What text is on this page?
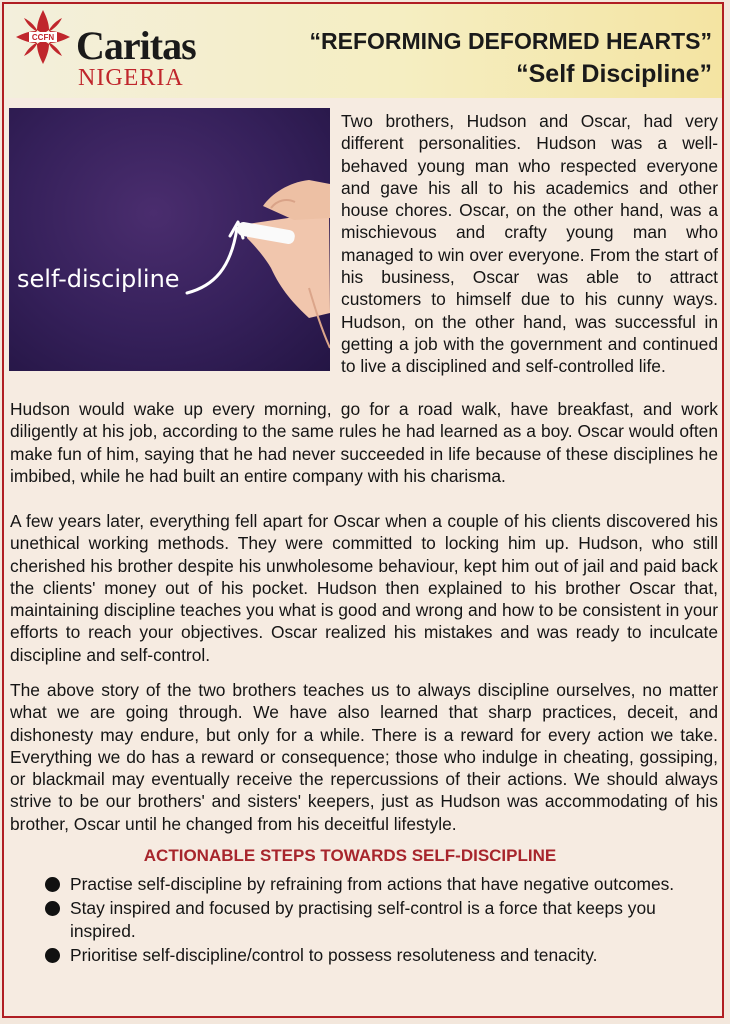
CCFN Caritas
NIGERIA
“REFORMING DEFORMED HEARTS”
“Self Discipline”
self-discipline

Two brothers, Hudson and Oscar, had very different personalities. Hudson was a well-behaved young man who respected everyone and gave his all to his academics and other house chores. Oscar, on the other hand, was a mischievous and crafty young man who managed to win over everyone. From the start of his business, Oscar was able to attract customers to himself due to his cunny ways. Hudson, on the other hand, was successful in getting a job with the government and continued to live a disciplined and self-controlled life.

Hudson would wake up every morning, go for a road walk, have breakfast, and work diligently at his job, according to the same rules he had learned as a boy. Oscar would often make fun of him, saying that he had never succeeded in life because of these disciplines he imbibed, while he had built an entire company with his charisma.

A few years later, everything fell apart for Oscar when a couple of his clients discovered his unethical working methods. They were committed to locking him up. Hudson, who still cherished his brother despite his unwholesome behaviour, kept him out of jail and paid back the clients' money out of his pocket. Hudson then explained to his brother Oscar that, maintaining discipline teaches you what is good and wrong and how to be consistent in your efforts to reach your objectives. Oscar realized his mistakes and was ready to inculcate discipline and self-control.

The above story of the two brothers teaches us to always discipline ourselves, no matter what we are going through. We have also learned that sharp practices, deceit, and dishonesty may endure, but only for a while. There is a reward for every action we take. Everything we do has a reward or consequence; those who indulge in cheating, gossiping, or blackmail may eventually receive the repercussions of their actions. We should always strive to be our brothers' and sisters' keepers, just as Hudson was accommodating of his brother, Oscar until he changed from his deceitful lifestyle.

ACTIONABLE STEPS TOWARDS SELF-DISCIPLINE
Practise self-discipline by refraining from actions that have negative outcomes.
Stay inspired and focused by practising self-control is a force that keeps you inspired.
Prioritise self-discipline/control to possess resoluteness and tenacity.
